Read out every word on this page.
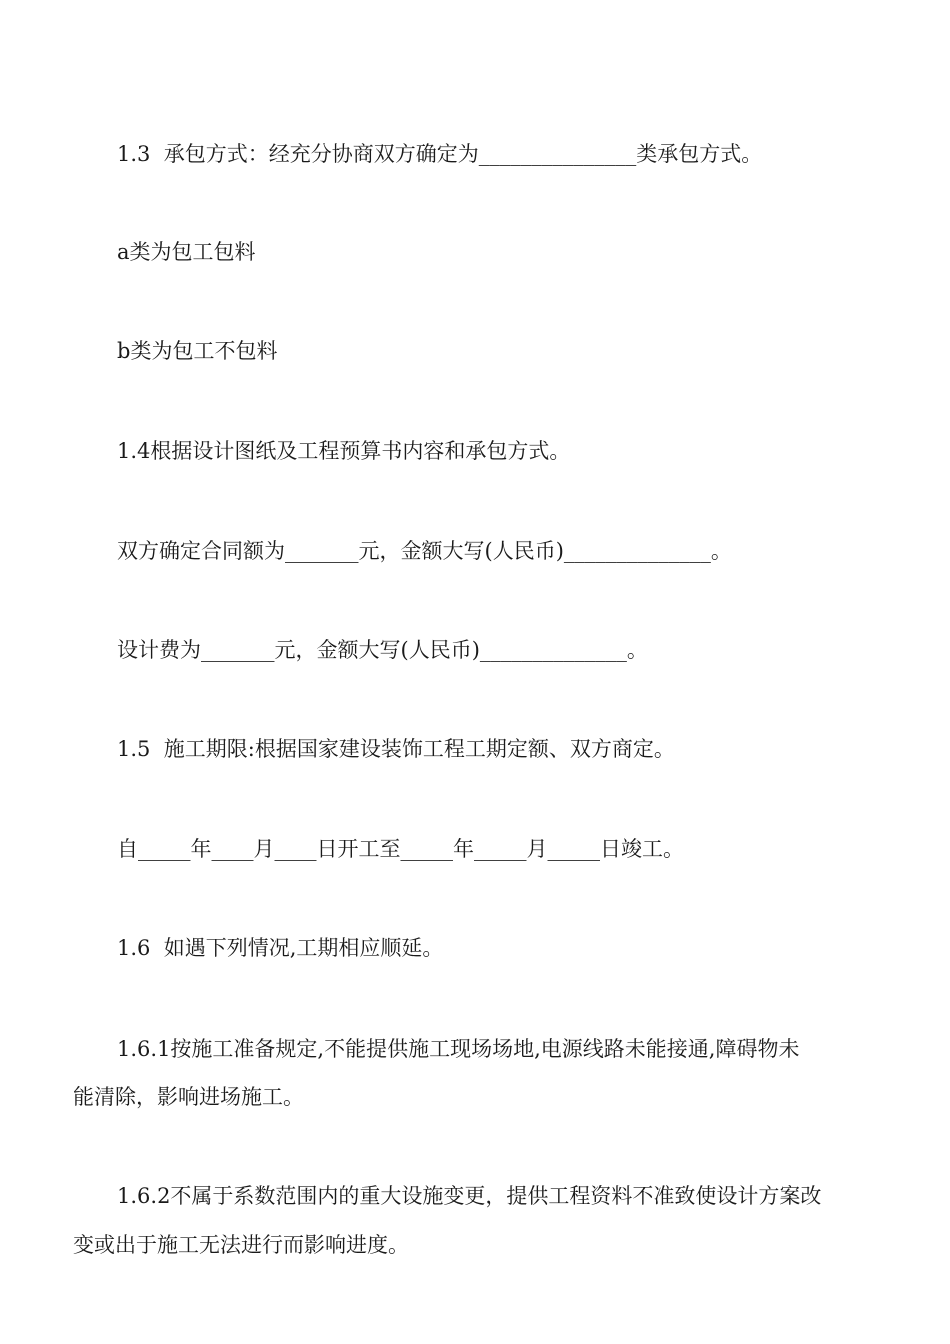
1.3  承包方式：经充分协商双方确定为_______________类承包方式。

a类为包工包料

b类为包工不包料

1.4根据设计图纸及工程预算书内容和承包方式。

双方确定合同额为_______元，金额大写(人民币)______________。

设计费为_______元，金额大写(人民币)______________。

1.5  施工期限:根据国家建设装饰工程工期定额、双方商定。

自_____年____月____日开工至_____年_____月_____日竣工。

1.6  如遇下列情况,工期相应顺延。

1.6.1按施工准备规定,不能提供施工现场场地,电源线路未能接通,障碍物未

能清除，影响进场施工。

1.6.2不属于系数范围内的重大设施变更，提供工程资料不准致使设计方案改

变或出于施工无法进行而影响进度。
